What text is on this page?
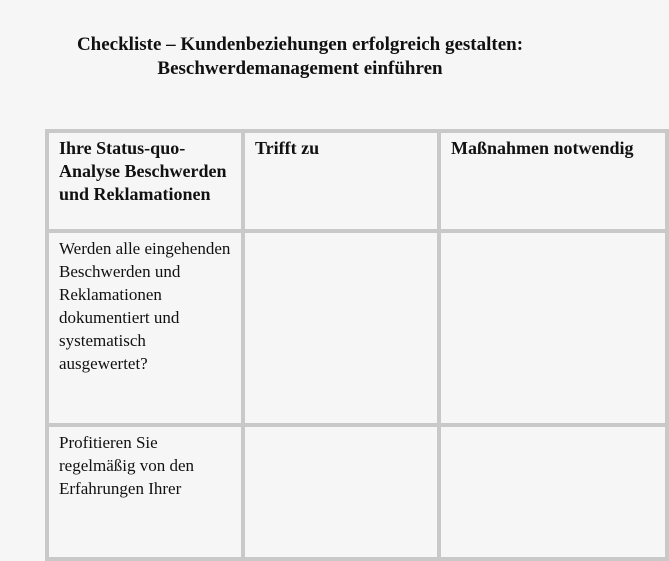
Checkliste – Kundenbeziehungen erfolgreich gestalten:
Beschwerdemanagement einführen
Ihre Status-quo-Analyse Beschwerden und Reklamationen	Trifft zu	Maßnahmen notwendig
Werden alle eingehenden Beschwerden und Reklamationen dokumentiert und systematisch ausgewertet?		
Profitieren Sie regelmäßig von den Erfahrungen Ihrer		
